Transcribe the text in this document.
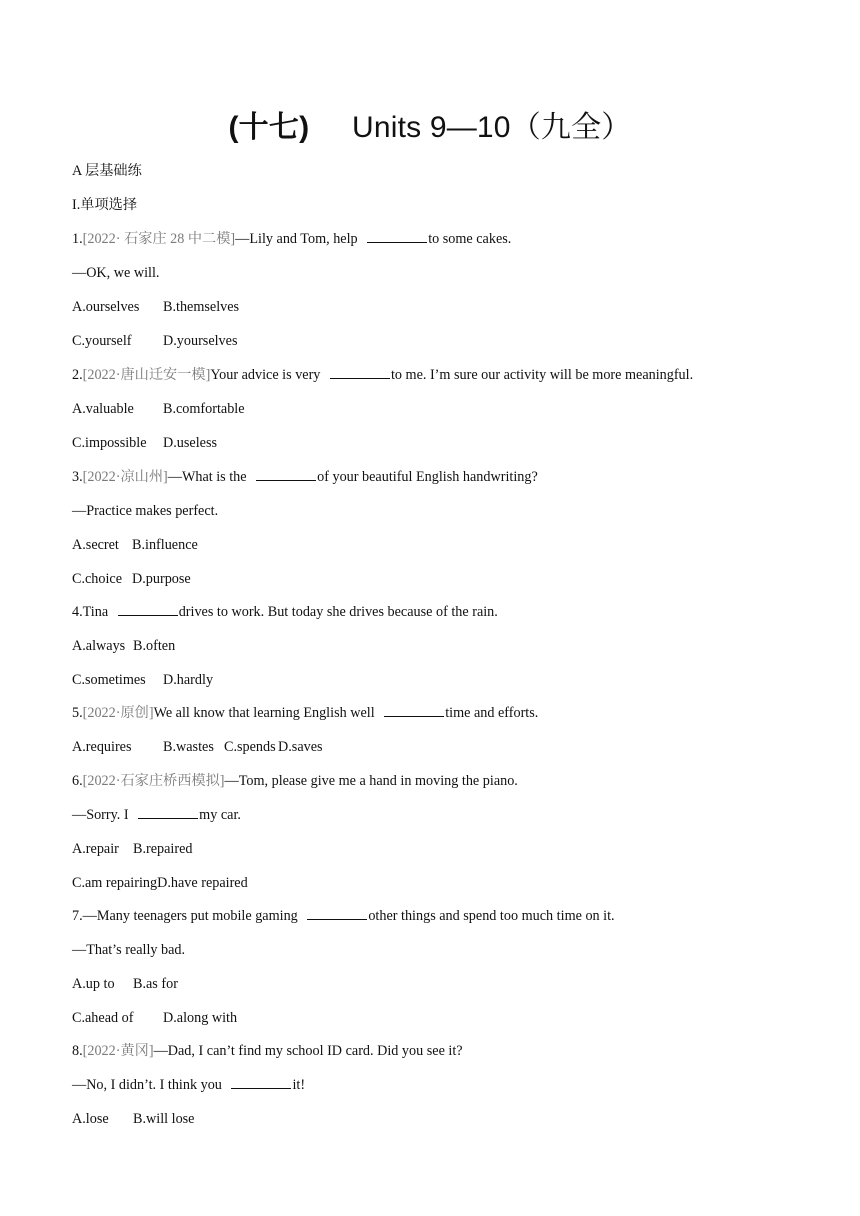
(十七) Units 9—10（九全）
A 层基础练
I.单项选择
1.[2022· 石家庄 28 中二模]—Lily and Tom, help	to some cakes.
—OK, we will.
A.ourselves B.themselves
C.yourself D.yourselves
2.[2022·唐山迁安一模]Your advice is very	to me. I’m sure our activity will be more meaningful.
A.valuable B.comfortable
C.impossible D.useless
3.[2022·凉山州]—What is the	of your beautiful English handwriting?
—Practice makes perfect.
A.secret B.influence
C.choice D.purpose
4.Tina	drives to work. But today she drives because of the rain.
A.always B.often
C.sometimes D.hardly
5.[2022·原创]We all know that learning English well	time and efforts.
A.requires B.wastes C.spends D.saves
6.[2022·石家庄桥西模拟]—Tom, please give me a hand in moving the piano.
—Sorry. I	my car.
A.repair B.repaired
C.am repairingD.have repaired
7.—Many teenagers put mobile gaming	other things and spend too much time on it.
—That’s really bad.
A.up to B.as for
C.ahead of D.along with
8.[2022·黄冈]—Dad, I can’t find my school ID card. Did you see it?
—No, I didn’t. I think you	it!
A.lose B.will lose
